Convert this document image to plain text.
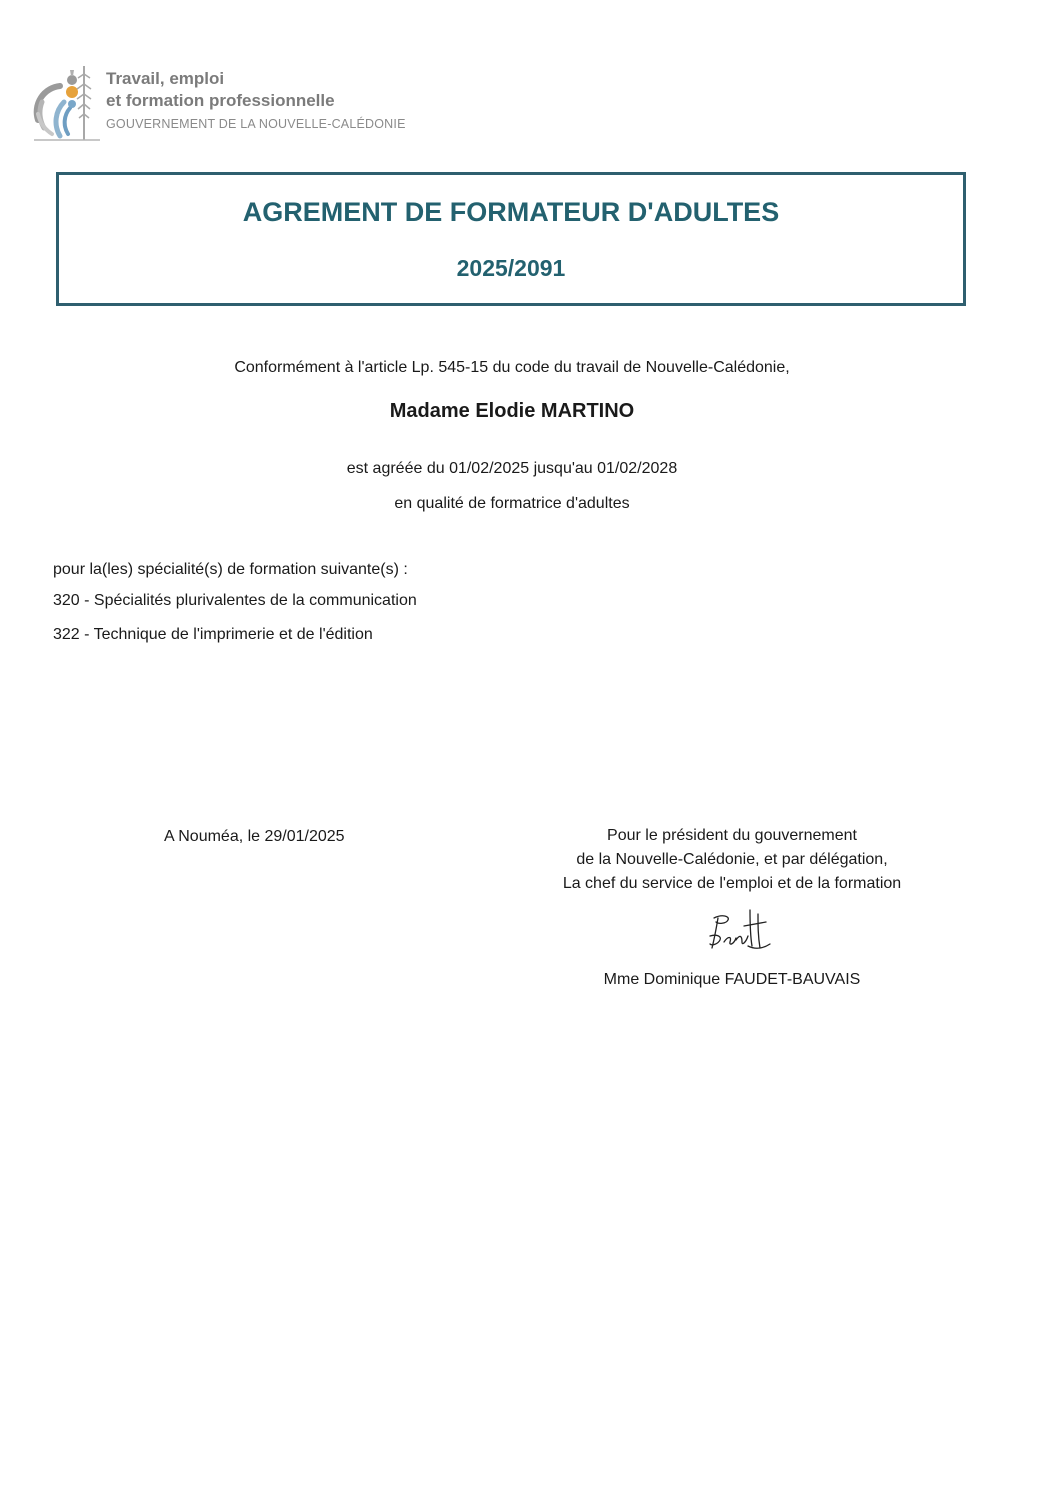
Travail, emploi
et formation professionnelle
GOUVERNEMENT DE LA NOUVELLE-CALÉDONIE
AGREMENT DE FORMATEUR D'ADULTES
2025/2091
Conformément à l'article Lp. 545-15 du code du travail de Nouvelle-Calédonie,
Madame Elodie MARTINO
est agréée du 01/02/2025 jusqu'au 01/02/2028
en qualité de formatrice d'adultes
pour la(les) spécialité(s) de formation suivante(s) :
320 - Spécialités plurivalentes de la communication
322 - Technique de l'imprimerie et de l'édition
A Nouméa, le 29/01/2025	Pour le président du gouvernement
de la Nouvelle-Calédonie, et par délégation,
La chef du service de l'emploi et de la formation
Mme Dominique FAUDET-BAUVAIS
